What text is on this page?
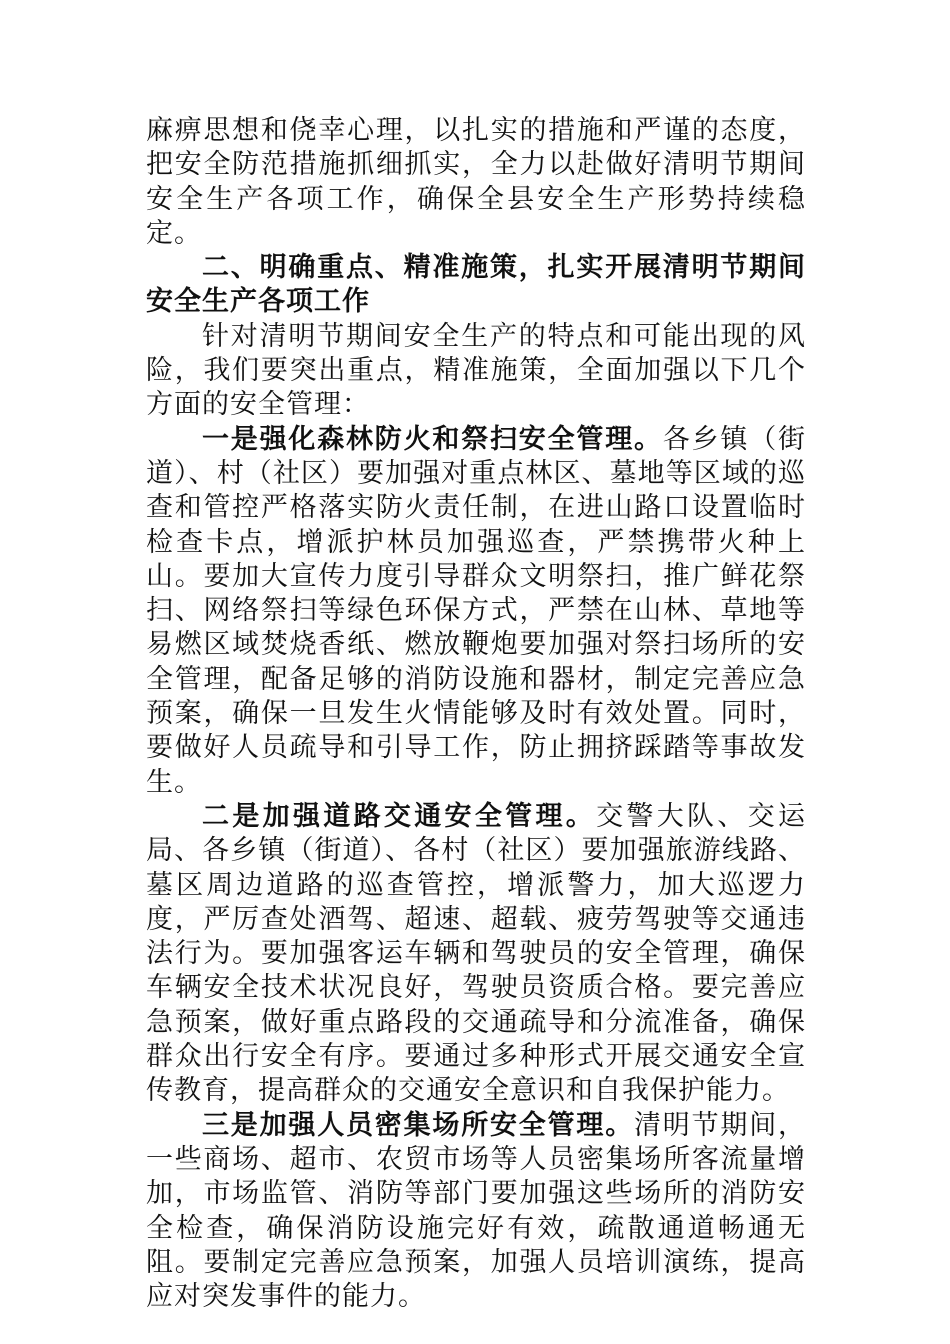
麻痹思想和侥幸心理，以扎实的措施和严谨的态度，把安全防范措施抓细抓实，全力以赴做好清明节期间安全生产各项工作，确保全县安全生产形势持续稳定。

二、明确重点、精准施策，扎实开展清明节期间安全生产各项工作

针对清明节期间安全生产的特点和可能出现的风险，我们要突出重点，精准施策，全面加强以下几个方面的安全管理：

一是强化森林防火和祭扫安全管理。各乡镇（街道）、村（社区）要加强对重点林区、墓地等区域的巡查和管控严格落实防火责任制，在进山路口设置临时检查卡点，增派护林员加强巡查，严禁携带火种上山。要加大宣传力度引导群众文明祭扫，推广鲜花祭扫、网络祭扫等绿色环保方式，严禁在山林、草地等易燃区域焚烧香纸、燃放鞭炮要加强对祭扫场所的安全管理，配备足够的消防设施和器材，制定完善应急预案，确保一旦发生火情能够及时有效处置。同时，要做好人员疏导和引导工作，防止拥挤踩踏等事故发生。

二是加强道路交通安全管理。交警大队、交运局、各乡镇（街道）、各村（社区）要加强旅游线路、墓区周边道路的巡查管控，增派警力，加大巡逻力度，严厉查处酒驾、超速、超载、疲劳驾驶等交通违法行为。要加强客运车辆和驾驶员的安全管理，确保车辆安全技术状况良好，驾驶员资质合格。要完善应急预案，做好重点路段的交通疏导和分流准备，确保群众出行安全有序。要通过多种形式开展交通安全宣传教育，提高群众的交通安全意识和自我保护能力。

三是加强人员密集场所安全管理。清明节期间，一些商场、超市、农贸市场等人员密集场所客流量增加，市场监管、消防等部门要加强这些场所的消防安全检查，确保消防设施完好有效，疏散通道畅通无阻。要制定完善应急预案，加强人员培训演练，提高应对突发事件的能力。
